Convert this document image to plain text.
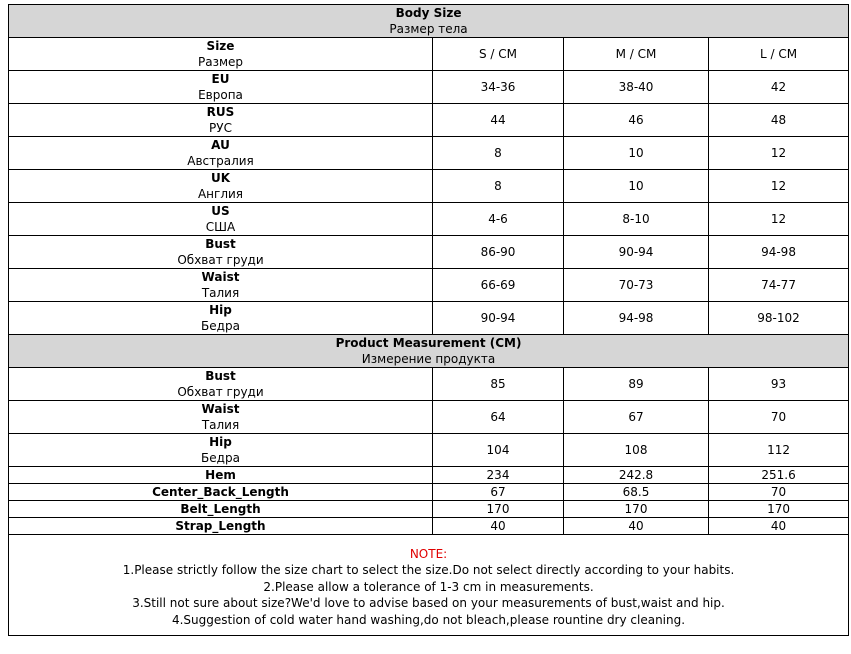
Body Size
Размер тела			

Size
Размер	S / CM	M / CM	L / CM

EU
Европа	34-36	38-40	42

RUS
РУС	44	46	48

AU
Австралия	8	10	12

UK
Англия	8	10	12

US
США	4-6	8-10	12

Bust
Обхват груди	86-90	90-94	94-98

Waist
Талия	66-69	70-73	74-77

Hip
Бедра	90-94	94-98	98-102

Product Measurement (CM)
Измерение продукта			

Bust
Обхват груди	85	89	93

Waist
Талия	64	67	70

Hip
Бедра	104	108	112

Hem	234	242.8	251.6

Center_Back_Length	67	68.5	70

Belt_Length	170	170	170

Strap_Length	40	40	40

NOTE:
1.Please strictly follow the size chart to select the size.Do not select directly according to your habits.
2.Please allow a tolerance of 1-3 cm in measurements.
3.Still not sure about size?We'd love to advise based on your measurements of bust,waist and hip.
4.Suggestion of cold water hand washing,do not bleach,please rountine dry cleaning.			
